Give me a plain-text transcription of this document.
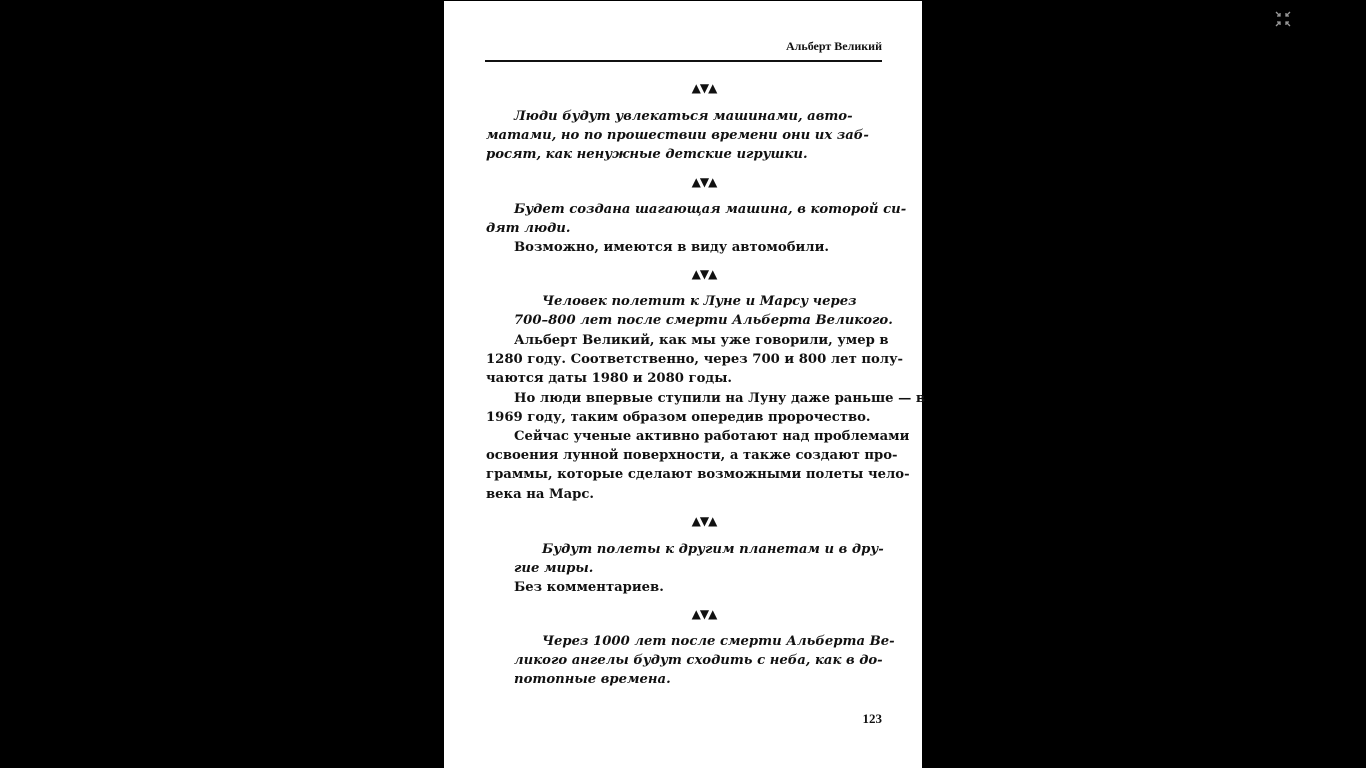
Альберт Великий
▲▼▲
Люди будут увлекаться машинами, авто-
матами, но по прошествии времени они их заб-
росят, как ненужные детские игрушки.
▲▼▲
Будет создана шагающая машина, в которой си-
дят люди.
Возможно, имеются в виду автомобили.
▲▼▲
Человек полетит к Луне и Марсу через
700–800 лет после смерти Альберта Великого.
Альберт Великий, как мы уже говорили, умер в
1280 году. Соответственно, через 700 и 800 лет полу-
чаются даты 1980 и 2080 годы.
Но люди впервые ступили на Луну даже раньше — в
1969 году, таким образом опередив пророчество.
Сейчас ученые активно работают над проблемами
освоения лунной поверхности, а также создают про-
граммы, которые сделают возможными полеты чело-
века на Марс.
▲▼▲
Будут полеты к другим планетам и в дру-
гие миры.
Без комментариев.
▲▼▲
Через 1000 лет после смерти Альберта Ве-
ликого ангелы будут сходить с неба, как в до-
потопные времена.
123
